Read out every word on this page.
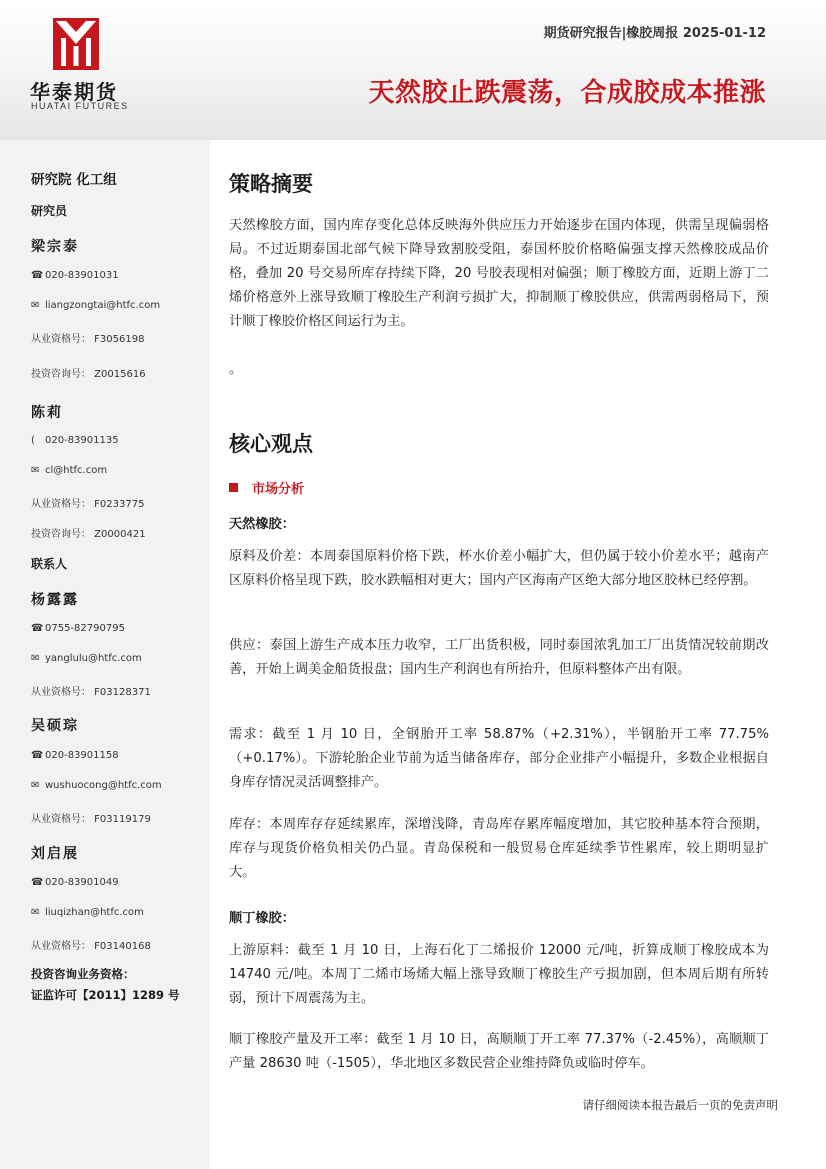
华泰期货
HUATAI FUTURES
期货研究报告|橡胶周报 2025-01-12
天然胶止跌震荡，合成胶成本推涨
研究院 化工组
研究员
梁宗泰
☎ 020-83901031
✉ liangzongtai@htfc.com
从业资格号： F3056198
投资咨询号： Z0015616
陈莉
( 020-83901135
✉ cl@htfc.com
从业资格号： F0233775
投资咨询号： Z0000421
联系人
杨露露
☎ 0755-82790795
✉ yanglulu@htfc.com
从业资格号： F03128371
吴硕琮
☎ 020-83901158
✉ wushuocong@htfc.com
从业资格号： F03119179
刘启展
☎ 020-83901049
✉ liuqizhan@htfc.com
从业资格号： F03140168
投资咨询业务资格：
证监许可【2011】1289 号
策略摘要
天然橡胶方面，国内库存变化总体反映海外供应压力开始逐步在国内体现，供需呈现偏弱格局。不过近期泰国北部气候下降导致割胶受阻，泰国杯胶价格略偏强支撑天然橡胶成品价格，叠加 20 号交易所库存持续下降，20 号胶表现相对偏强；顺丁橡胶方面，近期上游丁二烯价格意外上涨导致顺丁橡胶生产利润亏损扩大，抑制顺丁橡胶供应，供需两弱格局下，预计顺丁橡胶价格区间运行为主。
。
核心观点
市场分析
天然橡胶：
原料及价差：本周泰国原料价格下跌，杯水价差小幅扩大，但仍属于较小价差水平；越南产区原料价格呈现下跌，胶水跌幅相对更大；国内产区海南产区绝大部分地区胶林已经停割。
供应：泰国上游生产成本压力收窄，工厂出货积极，同时泰国浓乳加工厂出货情况较前期改善，开始上调美金船货报盘；国内生产利润也有所抬升，但原料整体产出有限。
需求：截至 1 月 10 日，全钢胎开工率 58.87%（+2.31%），半钢胎开工率 77.75%（+0.17%）。下游轮胎企业节前为适当储备库存，部分企业排产小幅提升，多数企业根据自身库存情况灵活调整排产。
库存：本周库存存延续累库，深增浅降，青岛库存累库幅度增加，其它胶种基本符合预期，库存与现货价格负相关仍凸显。青岛保税和一般贸易仓库延续季节性累库，较上期明显扩大。
顺丁橡胶：
上游原料：截至 1 月 10 日，上海石化丁二烯报价 12000 元/吨，折算成顺丁橡胶成本为 14740 元/吨。本周丁二烯市场烯大幅上涨导致顺丁橡胶生产亏损加剧，但本周后期有所转弱，预计下周震荡为主。
顺丁橡胶产量及开工率：截至 1 月 10 日，高顺顺丁开工率 77.37%（-2.45%），高顺顺丁产量 28630 吨（-1505），华北地区多数民营企业维持降负或临时停车。
请仔细阅读本报告最后一页的免责声明
